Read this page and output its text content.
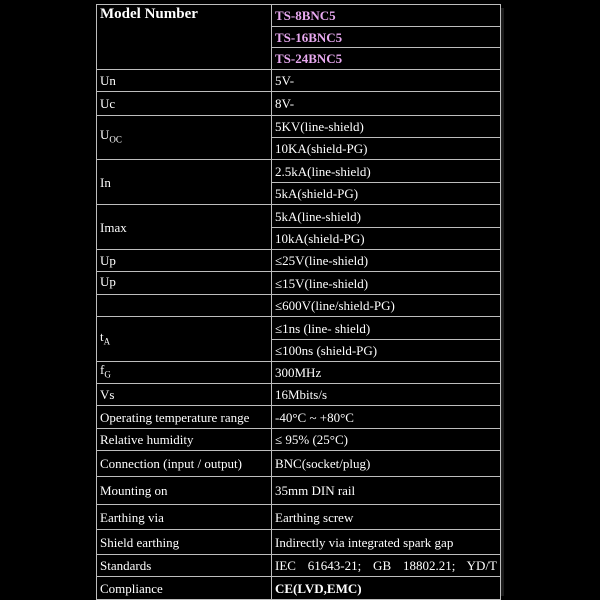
Model Number	TS-8BNC5
	TS-16BNC5
	TS-24BNC5
Un	5V-
Uc	8V-
$U_{OC}$	5KV(line-shield)
	10KA(shield-PG)
In	2.5kA(line-shield)
	5kA(shield-PG)
Imax	5kA(line-shield)
	10kA(shield-PG)
Up	≤25V(line-shield)
Up	≤15V(line-shield)
	≤600V(line/shield-PG)
$t_A$	≤1ns (line- shield)
	≤100ns (shield-PG)
$f_G$	300MHz
Vs	16Mbits/s
Operating temperature range	-40°C ~ +80°C
Relative humidity	≤ 95% (25°C)
Connection (input / output)	BNC(socket/plug)
Mounting on	35mm DIN rail
Earthing via	Earthing screw
Shield earthing	Indirectly via integrated spark gap
Standards	IEC 61643-21; GB 18802.21; YD/T
Compliance	CE(LVD,EMC)
